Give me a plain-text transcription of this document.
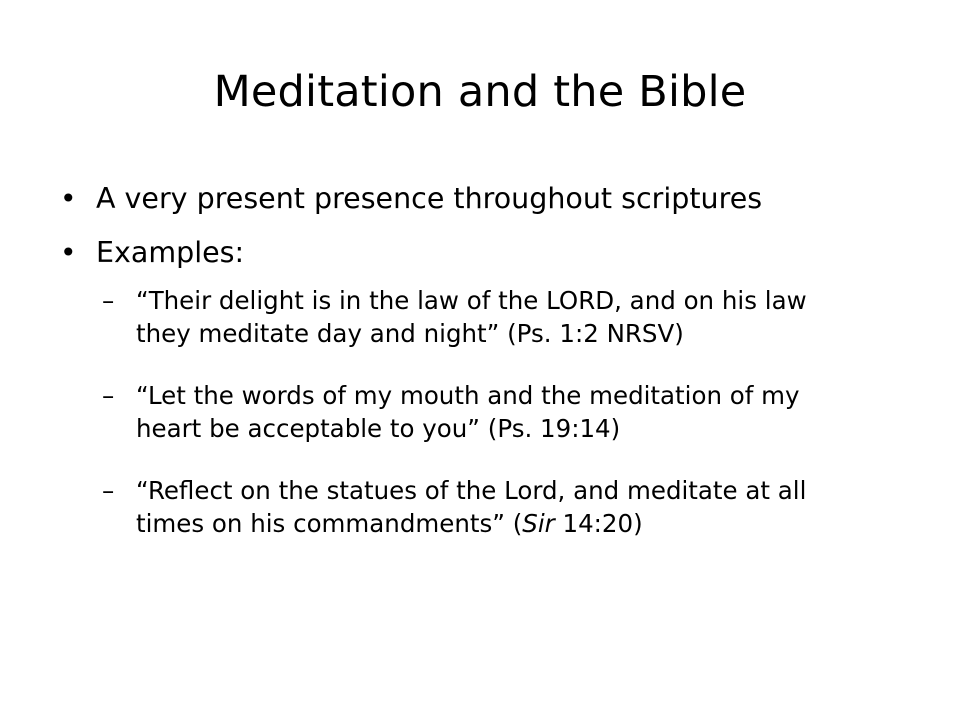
Meditation and the Bible
• A very present presence throughout scriptures
• Examples:
– “Their delight is in the law of the LORD, and on his law they meditate day and night” (Ps. 1:2 NRSV)
– “Let the words of my mouth and the meditation of my heart be acceptable to you” (Ps. 19:14)
– “Reflect on the statues of the Lord, and meditate at all times on his commandments” (Sir 14:20)
